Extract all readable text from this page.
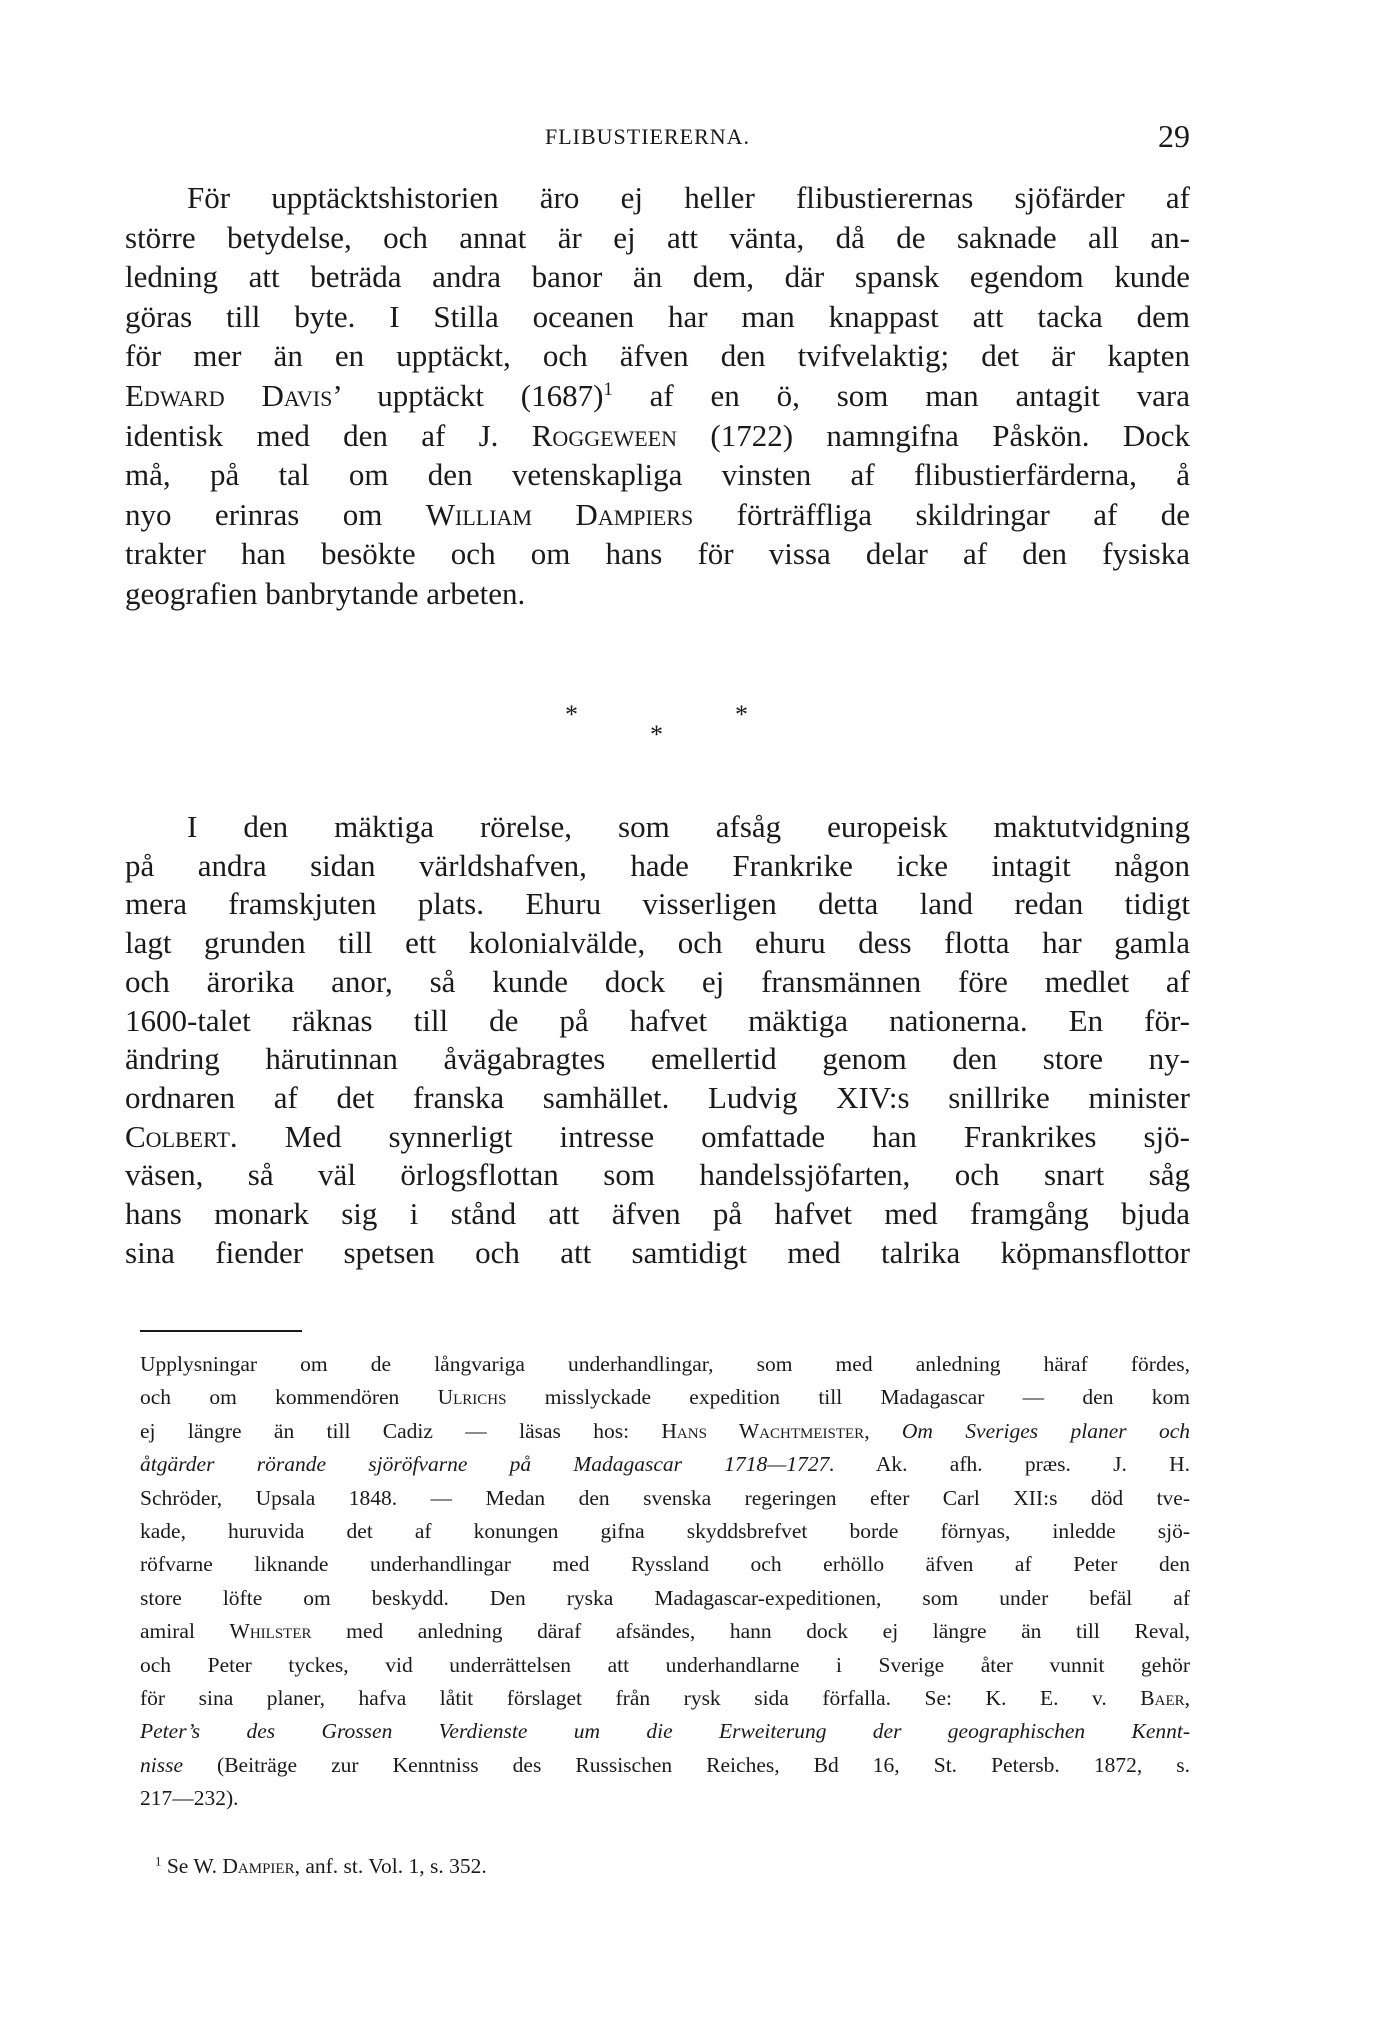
FLIBUSTIERERNA.	29

För upptäcktshistorien äro ej heller flibustierernas sjöfärder af
större betydelse, och annat är ej att vänta, då de saknade all an-
ledning att beträda andra banor än dem, där spansk egendom kunde
göras till byte. I Stilla oceanen har man knappast att tacka dem
för mer än en upptäckt, och äfven den tvifvelaktig; det är kapten
Edward Davis’ upptäckt $(1687)^1$ af en ö, som man antagit vara
identisk med den af J. Roggeween (1722) namngifna Påskön. Dock
må, på tal om den vetenskapliga vinsten af flibustierfärderna, å
nyo erinras om William Dampiers förträffliga skildringar af de
trakter han besökte och om hans för vissa delar af den fysiska
geografien banbrytande arbeten.

*
*
*

I den mäktiga rörelse, som afsåg europeisk maktutvidgning
på andra sidan världshafven, hade Frankrike icke intagit någon
mera framskjuten plats. Ehuru visserligen detta land redan tidigt
lagt grunden till ett kolonialvälde, och ehuru dess flotta har gamla
och ärorika anor, så kunde dock ej fransmännen före medlet af
1600-talet räknas till de på hafvet mäktiga nationerna. En för-
ändring härutinnan åvägabragtes emellertid genom den store ny-
ordnaren af det franska samhället. Ludvig XIV:s snillrike minister
Colbert. Med synnerligt intresse omfattade han Frankrikes sjö-
väsen, så väl örlogsflottan som handelssjöfarten, och snart såg
hans monark sig i stånd att äfven på hafvet med framgång bjuda
sina fiender spetsen och att samtidigt med talrika köpmansflottor

Upplysningar om de långvariga underhandlingar, som med anledning häraf fördes,
och om kommendören Ulrichs misslyckade expedition till Madagascar — den kom
ej längre än till Cadiz — läsas hos: Hans Wachtmeister, Om Sveriges planer och
åtgärder rörande sjöröfvarne på Madagascar 1718—1727. Ak. afh. præs. J. H.
Schröder, Upsala 1848. — Medan den svenska regeringen efter Carl XII:s död tve-
kade, huruvida det af konungen gifna skyddsbrefvet borde förnyas, inledde sjö-
röfvarne liknande underhandlingar med Ryssland och erhöllo äfven af Peter den
store löfte om beskydd. Den ryska Madagascar-expeditionen, som under befäl af
amiral Whilster med anledning däraf afsändes, hann dock ej längre än till Reval,
och Peter tyckes, vid underrättelsen att underhandlarne i Sverige åter vunnit gehör
för sina planer, hafva låtit förslaget från rysk sida förfalla. Se: K. E. v. Baer,
Peter’s des Grossen Verdienste um die Erweiterung der geographischen Kennt-
nisse (Beiträge zur Kenntniss des Russischen Reiches, Bd 16, St. Petersb. 1872, s.
217—232).

$^1$ Se W. Dampier, anf. st. Vol. 1, s. 352.
